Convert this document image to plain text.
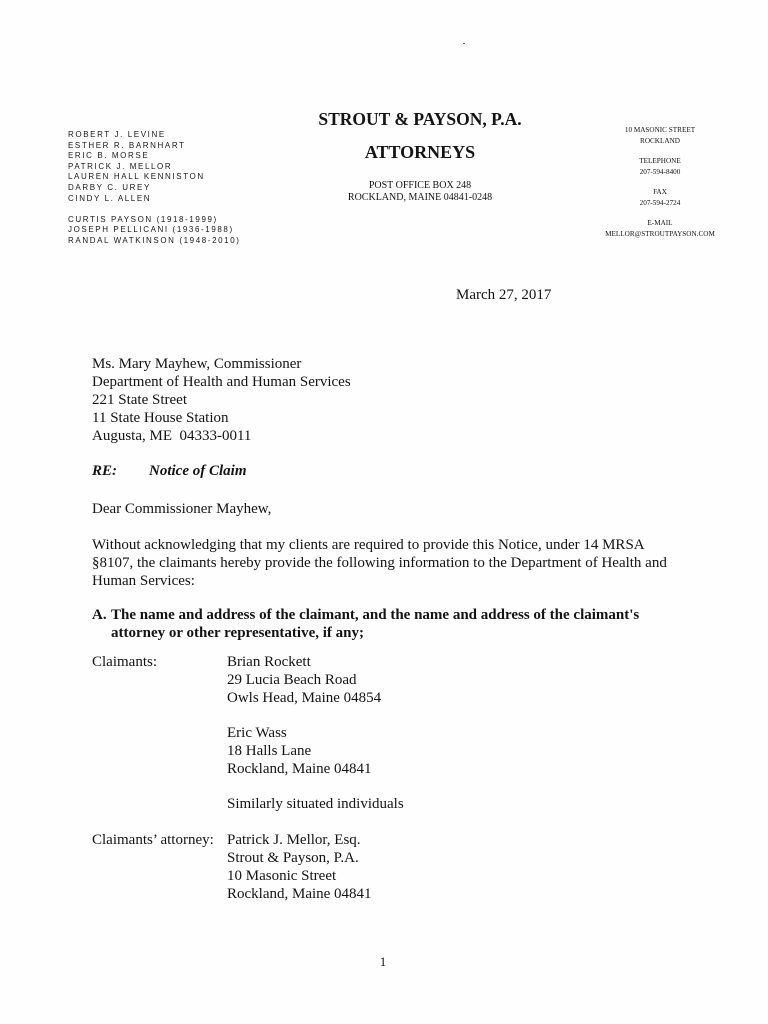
ROBERT J. LEVINE
ESTHER R. BARNHART
ERIC B. MORSE
PATRICK J. MELLOR
LAUREN HALL KENNISTON
DARBY C. UREY
CINDY L. ALLEN
CURTIS PAYSON (1918-1999)
JOSEPH PELLICANI (1936-1988)
RANDAL WATKINSON (1948-2010)
STROUT & PAYSON, P.A.
ATTORNEYS
POST OFFICE BOX 248
ROCKLAND, MAINE 04841-0248
10 MASONIC STREET
ROCKLAND
TELEPHONE
207-594-8400
FAX
207-594-2724
E-MAIL
MELLOR@STROUTPAYSON.COM
March 27, 2017
Ms. Mary Mayhew, Commissioner
Department of Health and Human Services
221 State Street
11 State House Station
Augusta, ME  04333-0011
RE: Notice of Claim
Dear Commissioner Mayhew,
Without acknowledging that my clients are required to provide this Notice, under 14 MRSA
§8107, the claimants hereby provide the following information to the Department of Health and
Human Services:
A. The name and address of the claimant, and the name and address of the claimant's
attorney or other representative, if any;
Claimants:	Brian Rockett
29 Lucia Beach Road
Owls Head, Maine 04854
Eric Wass
18 Halls Lane
Rockland, Maine 04841
Similarly situated individuals
Claimants’ attorney: Patrick J. Mellor, Esq.
Strout & Payson, P.A.
10 Masonic Street
Rockland, Maine 04841
1
